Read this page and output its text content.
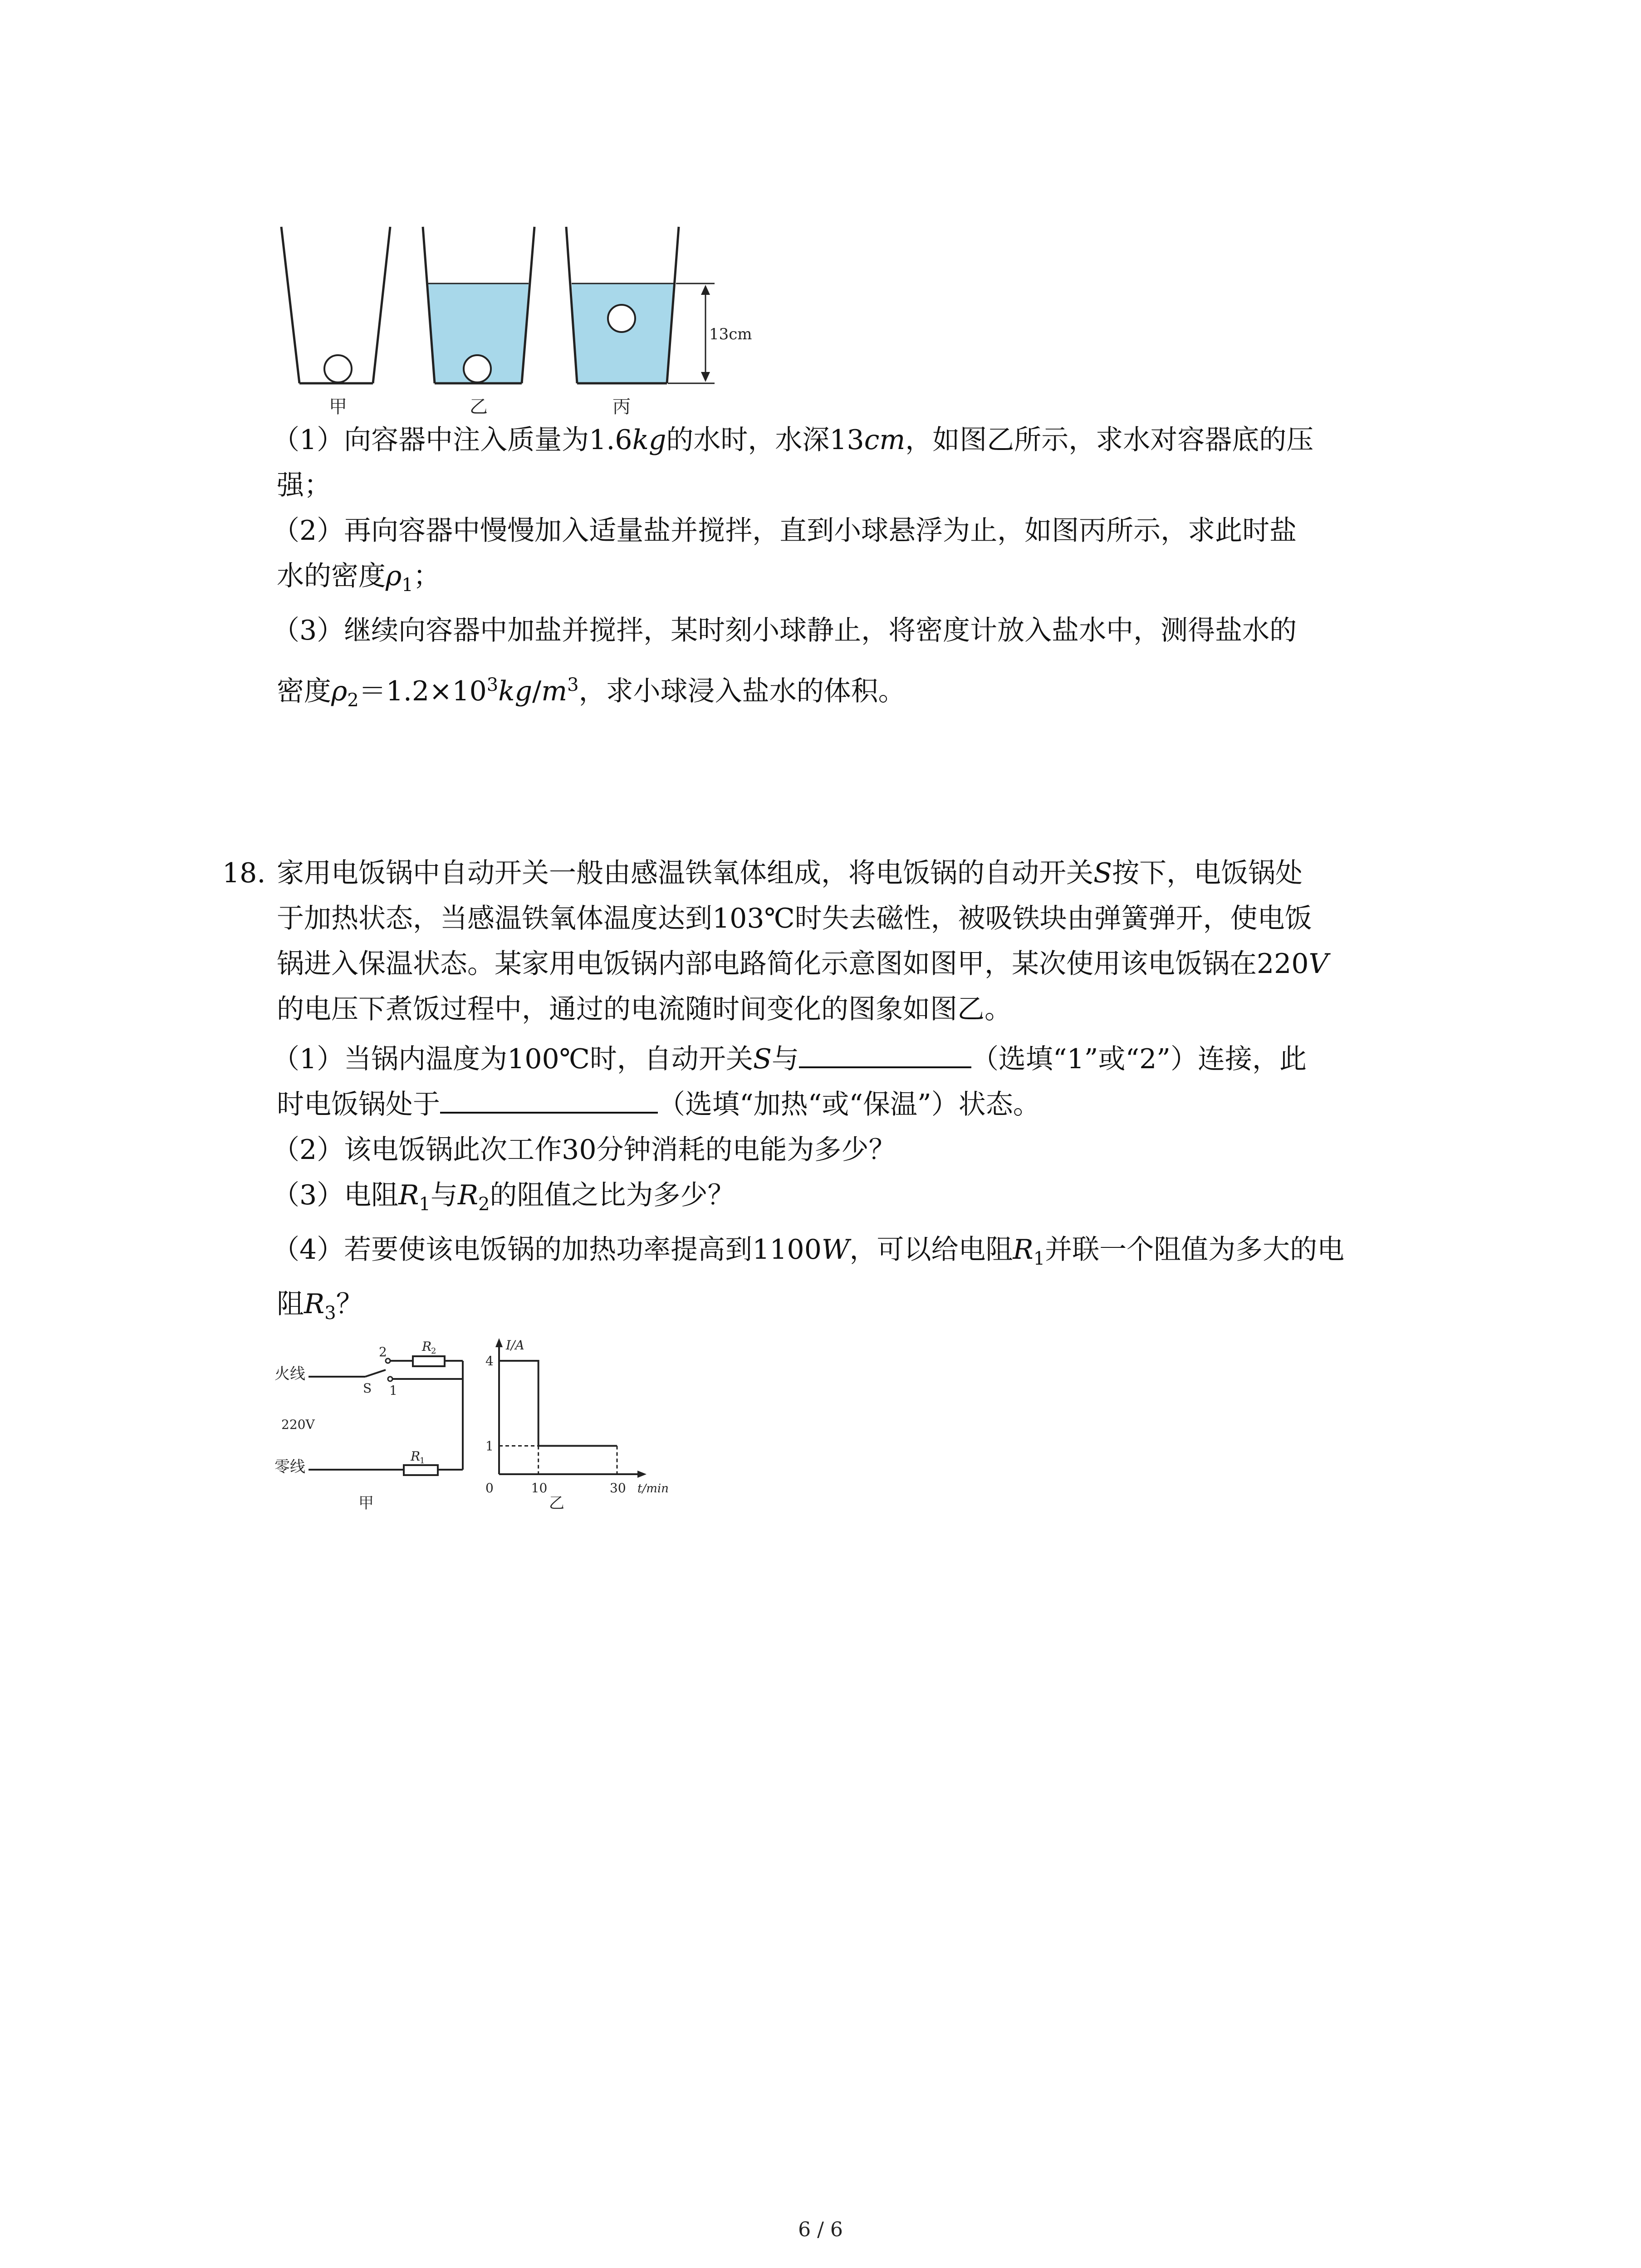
13cm
甲	乙	丙
（1）向容器中注入质量为1.6kg的水时，水深13cm，如图乙所示，求水对容器底的压
强；
（2）再向容器中慢慢加入适量盐并搅拌，直到小球悬浮为止，如图丙所示，求此时盐
水的密度$\rho_1$；
（3）继续向容器中加盐并搅拌，某时刻小球静止，将密度计放入盐水中，测得盐水的
密度$\rho_2=1.2\times 10^3kg/m^3$，求小球浸入盐水的体积。
18. 家用电饭锅中自动开关一般由感温铁氧体组成，将电饭锅的自动开关S按下，电饭锅处
于加热状态，当感温铁氧体温度达到103℃时失去磁性，被吸铁块由弹簧弹开，使电饭
锅进入保温状态。某家用电饭锅内部电路简化示意图如图甲，某次使用该电饭锅在220V
的电压下煮饭过程中，通过的电流随时间变化的图象如图乙。
（1）当锅内温度为100℃时，自动开关S与	（选填“1”或“2”）连接，此
时电饭锅处于	（选填“加热“或“保温”）状态。
（2）该电饭锅此次工作30分钟消耗的电能为多少？
（3）电阻$R_1$与$R_2$的阻值之比为多少？
（4）若要使该电饭锅的加热功率提高到1100W，可以给电阻$R_1$并联一个阻值为多大的电
阻$R_3$？
火线
S
2
1
R
2
220V
零线
R
1
甲
I/A
t/min
1
4
0	10	30
乙
6 / 6
